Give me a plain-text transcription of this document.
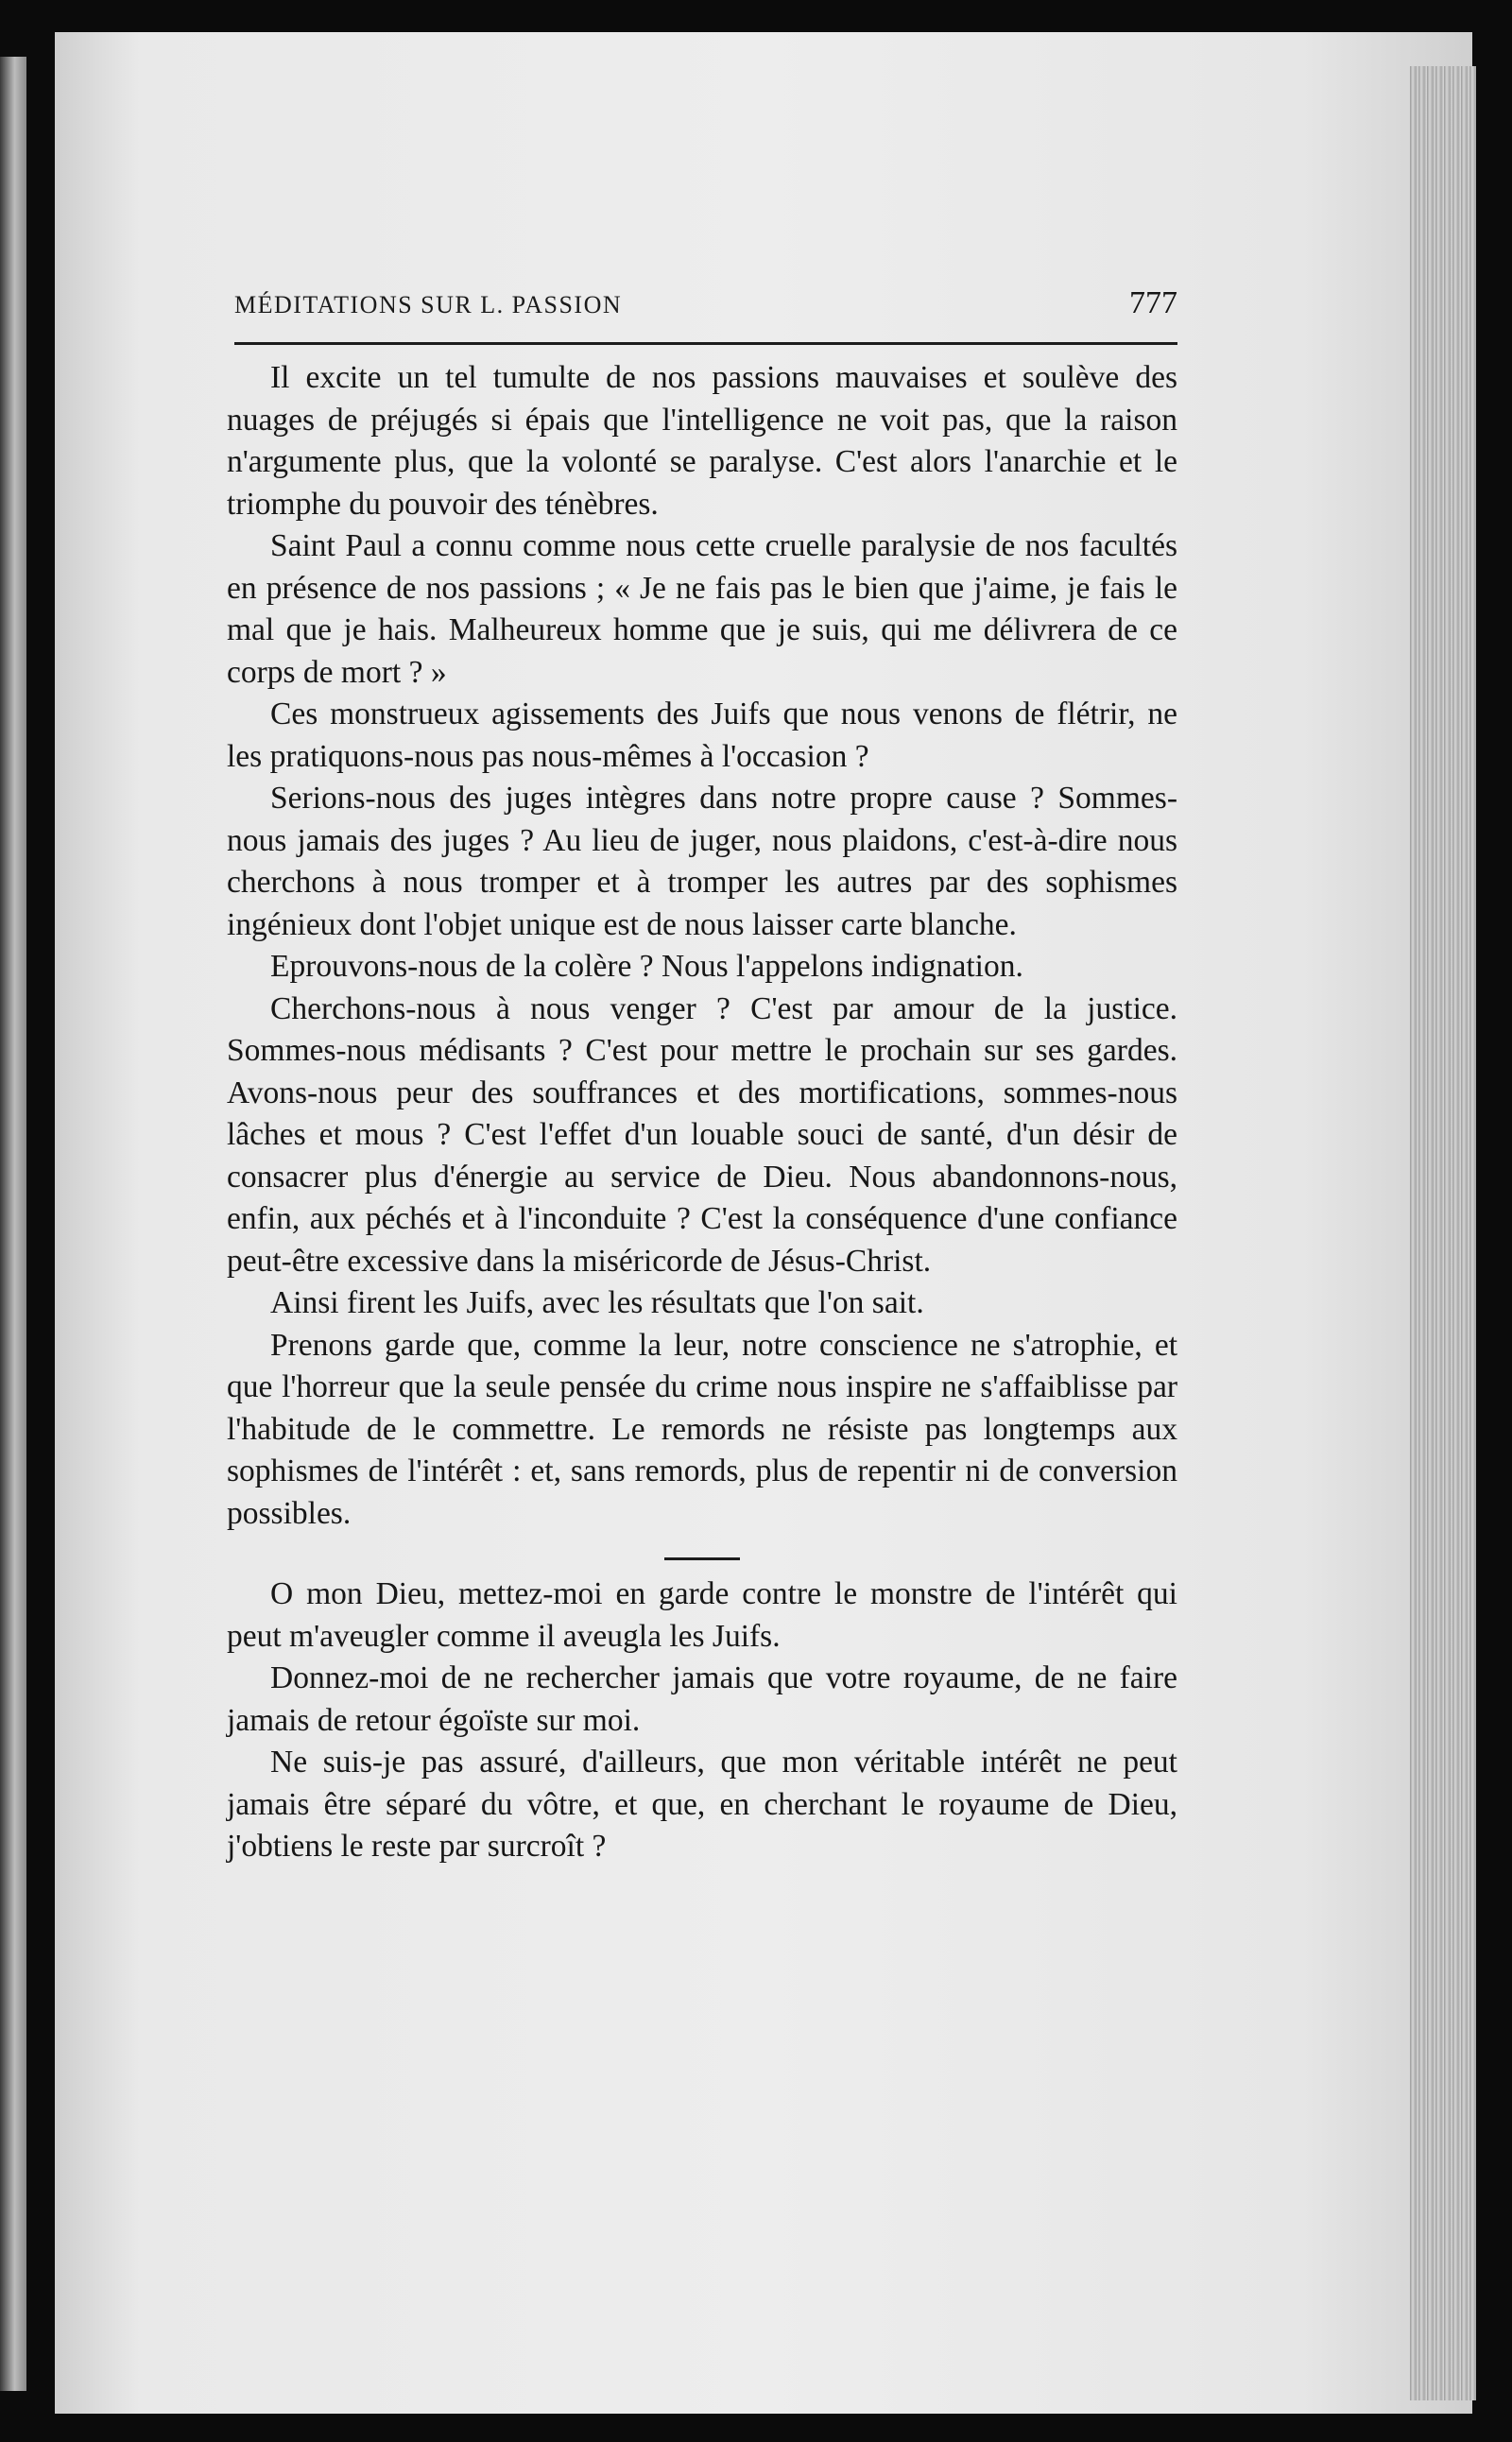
MÉDITATIONS SUR L. PASSION	777

Il excite un tel tumulte de nos passions mauvaises et soulève des nuages de préjugés si épais que l'intelligence ne voit pas, que la raison n'argumente plus, que la volonté se paralyse. C'est alors l'anarchie et le triomphe du pouvoir des ténèbres.

Saint Paul a connu comme nous cette cruelle paralysie de nos facultés en présence de nos passions ; « Je ne fais pas le bien que j'aime, je fais le mal que je hais. Malheureux homme que je suis, qui me délivrera de ce corps de mort ? »

Ces monstrueux agissements des Juifs que nous venons de flétrir, ne les pratiquons-nous pas nous-mêmes à l'occasion ?

Serions-nous des juges intègres dans notre propre cause ? Sommes-nous jamais des juges ? Au lieu de juger, nous plaidons, c'est-à-dire nous cherchons à nous tromper et à tromper les autres par des sophismes ingénieux dont l'objet unique est de nous laisser carte blanche.

Eprouvons-nous de la colère ? Nous l'appelons indignation.

Cherchons-nous à nous venger ? C'est par amour de la justice. Sommes-nous médisants ? C'est pour mettre le prochain sur ses gardes. Avons-nous peur des souffrances et des mortifications, sommes-nous lâches et mous ? C'est l'effet d'un louable souci de santé, d'un désir de consacrer plus d'énergie au service de Dieu. Nous abandonnons-nous, enfin, aux péchés et à l'inconduite ? C'est la conséquence d'une confiance peut-être excessive dans la miséricorde de Jésus-Christ.

Ainsi firent les Juifs, avec les résultats que l'on sait.

Prenons garde que, comme la leur, notre conscience ne s'atrophie, et que l'horreur que la seule pensée du crime nous inspire ne s'affaiblisse par l'habitude de le commettre. Le remords ne résiste pas longtemps aux sophismes de l'intérêt : et, sans remords, plus de repentir ni de conversion possibles.

O mon Dieu, mettez-moi en garde contre le monstre de l'intérêt qui peut m'aveugler comme il aveugla les Juifs.

Donnez-moi de ne rechercher jamais que votre royaume, de ne faire jamais de retour égoïste sur moi.

Ne suis-je pas assuré, d'ailleurs, que mon véritable intérêt ne peut jamais être séparé du vôtre, et que, en cherchant le royaume de Dieu, j'obtiens le reste par surcroît ?
